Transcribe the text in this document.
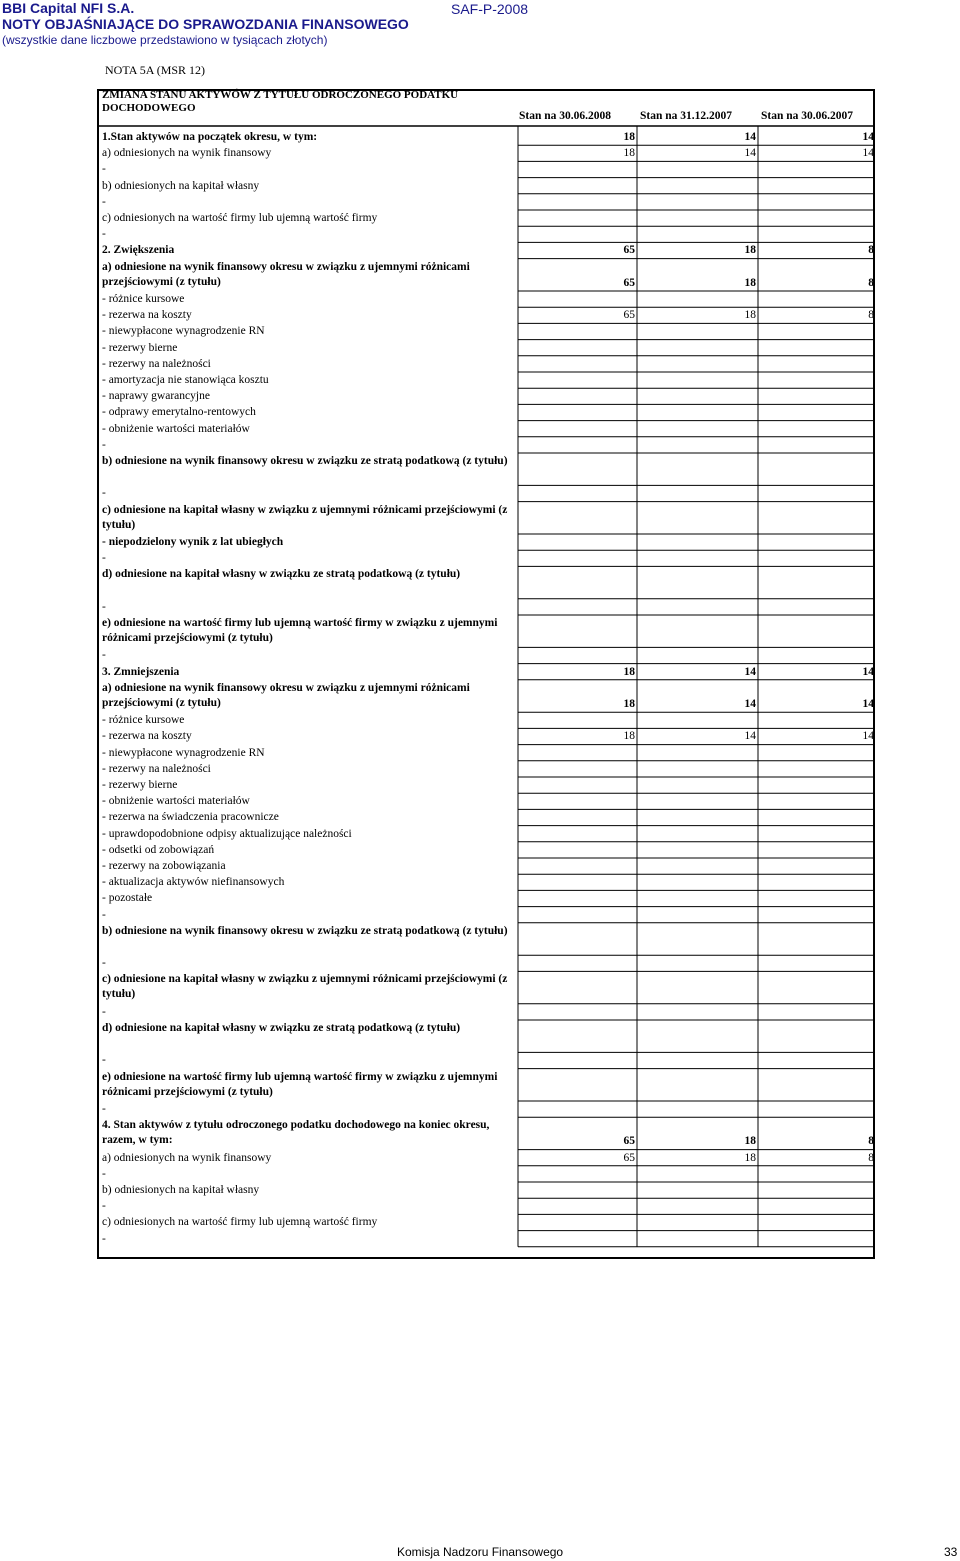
BBI Capital NFI S.A.	SAF-P-2008
NOTY OBJAŚNIAJĄCE DO SPRAWOZDANIA FINANSOWEGO
(wszystkie dane liczbowe przedstawiono w tysiącach złotych)
NOTA 5A (MSR 12)
ZMIANA STANU AKTYWÓW Z TYTUŁU ODROCZONEGO PODATKU
DOCHODOWEGO
Stan na 30.06.2008	Stan na 31.12.2007	Stan na 30.06.2007
1.Stan aktywów na początek okresu, w tym:	18	14	14
a) odniesionych na wynik finansowy	18	14	14
-
b) odniesionych na kapitał własny
-
c) odniesionych na wartość firmy lub ujemną wartość firmy
-
2. Zwiększenia	65	18	8
a) odniesione na wynik finansowy okresu w związku z ujemnymi różnicami przejściowymi (z tytułu)	65	18	8
- różnice kursowe
- rezerwa na koszty	65	18	8
- niewypłacone wynagrodzenie RN
- rezerwy bierne
- rezerwy na należności
- amortyzacja nie stanowiąca kosztu
- naprawy gwarancyjne
- odprawy emerytalno-rentowych
- obniżenie wartości materiałów
-
b) odniesione na wynik finansowy okresu w związku ze stratą podatkową (z tytułu)
-
c) odniesione na kapitał własny w związku z ujemnymi różnicami przejściowymi (z tytułu)
- niepodzielony wynik z lat ubiegłych
-
d) odniesione na kapitał własny w związku ze stratą podatkową (z tytułu)
-
e) odniesione na wartość firmy lub ujemną wartość firmy w związku z ujemnymi różnicami przejściowymi (z tytułu)
-
3. Zmniejszenia	18	14	14
a) odniesione na wynik finansowy okresu w związku z ujemnymi różnicami przejściowymi (z tytułu)	18	14	14
- różnice kursowe
- rezerwa na koszty	18	14	14
- niewypłacone wynagrodzenie RN
- rezerwy na należności
- rezerwy bierne
- obniżenie wartości materiałów
- rezerwa na świadczenia pracownicze
- uprawdopodobnione odpisy aktualizujące należności
- odsetki od zobowiązań
- rezerwy na zobowiązania
- aktualizacja aktywów niefinansowych
- pozostałe
-
b) odniesione na wynik finansowy okresu w związku ze stratą podatkową (z tytułu)
-
c) odniesione na kapitał własny w związku z ujemnymi różnicami przejściowymi (z tytułu)
-
d) odniesione na kapitał własny w związku ze stratą podatkową (z tytułu)
-
e) odniesione na wartość firmy lub ujemną wartość firmy w związku z ujemnymi różnicami przejściowymi (z tytułu)
-
4. Stan aktywów z tytułu odroczonego podatku dochodowego na koniec okresu, razem, w tym:	65	18	8
a) odniesionych na wynik finansowy	65	18	8
-
b) odniesionych na kapitał własny
-
c) odniesionych na wartość firmy lub ujemną wartość firmy
-
Komisja Nadzoru Finansowego	33
